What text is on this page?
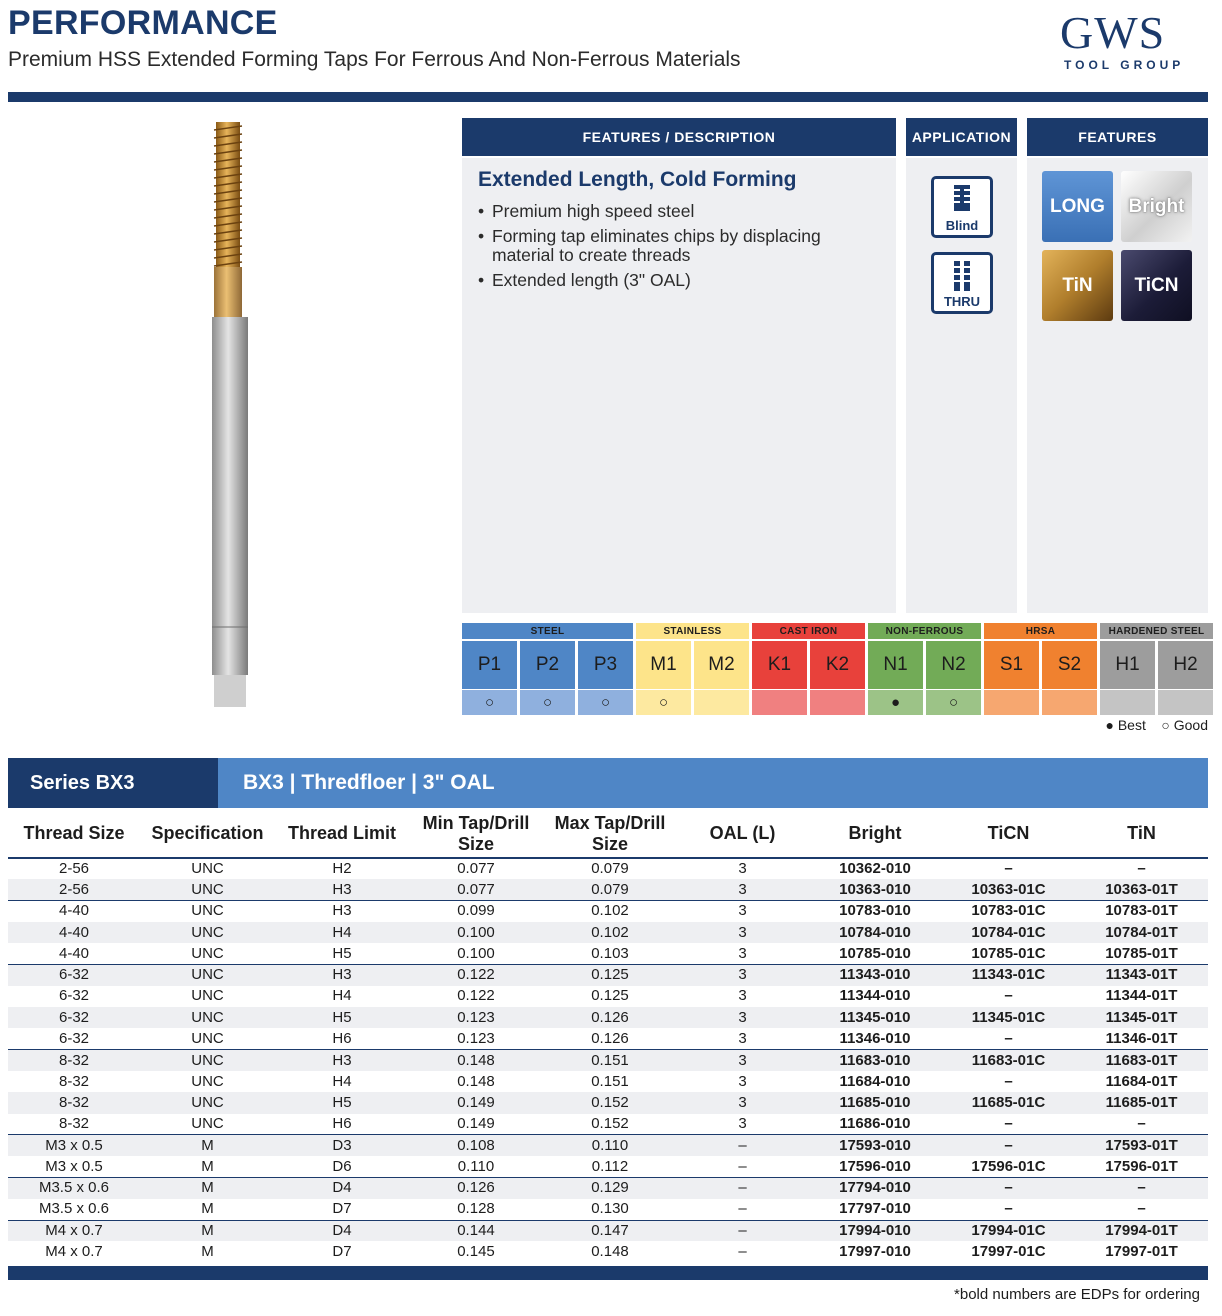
PERFORMANCE
Premium HSS Extended Forming Taps For Ferrous And Non-Ferrous Materials
GWS
TOOL GROUP
FEATURES / DESCRIPTION
Extended Length, Cold Forming
• Premium high speed steel
• Forming tap eliminates chips by displacing material to create threads
• Extended length (3" OAL)
APPLICATION
Blind
THRU
FEATURES
LONG	Bright
TiN	TiCN
STEEL
P1
○
P2
○
P3
○
STAINLESS
M1
○
M2
CAST IRON
K1	K2
NON-FERROUS
N1
●
N2
○
HRSA
S1	S2
HARDENED STEEL
H1	H2
● Best ○ Good
Series BX3	BX3 | Thredfloer | 3" OAL
Thread Size	Specification	Thread Limit	Min Tap/Drill Size	Max Tap/Drill Size	OAL (L)	Bright	TiCN	TiN
2-56	UNC	H2	0.077	0.079	3	10362-010	–	–
2-56	UNC	H3	0.077	0.079	3	10363-010	10363-01C	10363-01T
4-40	UNC	H3	0.099	0.102	3	10783-010	10783-01C	10783-01T
4-40	UNC	H4	0.100	0.102	3	10784-010	10784-01C	10784-01T
4-40	UNC	H5	0.100	0.103	3	10785-010	10785-01C	10785-01T
6-32	UNC	H3	0.122	0.125	3	11343-010	11343-01C	11343-01T
6-32	UNC	H4	0.122	0.125	3	11344-010	–	11344-01T
6-32	UNC	H5	0.123	0.126	3	11345-010	11345-01C	11345-01T
6-32	UNC	H6	0.123	0.126	3	11346-010	–	11346-01T
8-32	UNC	H3	0.148	0.151	3	11683-010	11683-01C	11683-01T
8-32	UNC	H4	0.148	0.151	3	11684-010	–	11684-01T
8-32	UNC	H5	0.149	0.152	3	11685-010	11685-01C	11685-01T
8-32	UNC	H6	0.149	0.152	3	11686-010	–	–
M3 x 0.5	M	D3	0.108	0.110	–	17593-010	–	17593-01T
M3 x 0.5	M	D6	0.110	0.112	–	17596-010	17596-01C	17596-01T
M3.5 x 0.6	M	D4	0.126	0.129	–	17794-010	–	–
M3.5 x 0.6	M	D7	0.128	0.130	–	17797-010	–	–
M4 x 0.7	M	D4	0.144	0.147	–	17994-010	17994-01C	17994-01T
M4 x 0.7	M	D7	0.145	0.148	–	17997-010	17997-01C	17997-01T
*bold numbers are EDPs for ordering
